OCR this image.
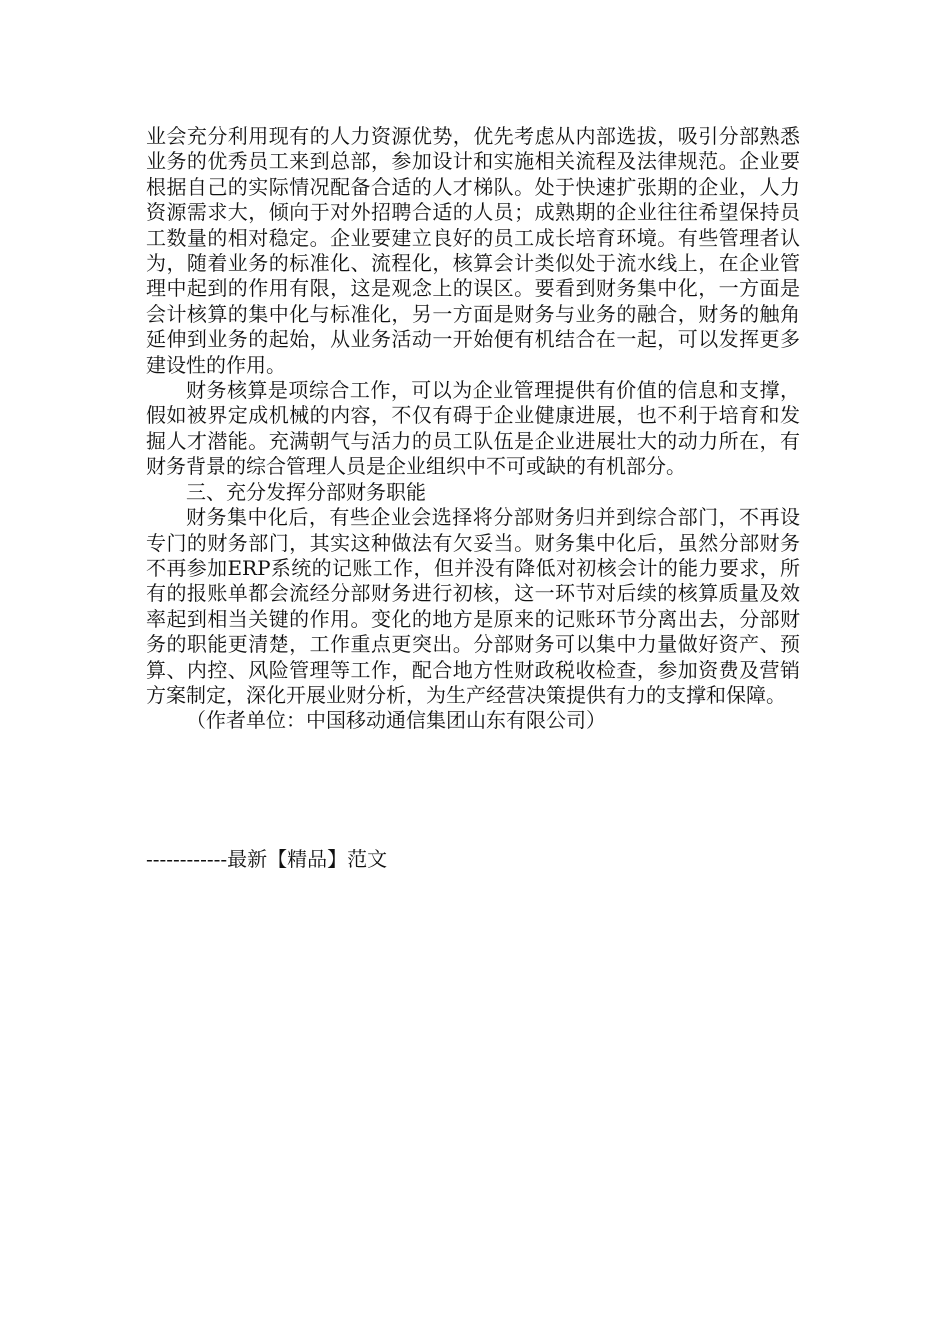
业会充分利用现有的人力资源优势，优先考虑从内部选拔，吸引分部熟悉业务的优秀员工来到总部，参加设计和实施相关流程及法律规范。企业要根据自己的实际情况配备合适的人才梯队。处于快速扩张期的企业，人力资源需求大，倾向于对外招聘合适的人员；成熟期的企业往往希望保持员工数量的相对稳定。企业要建立良好的员工成长培育环境。有些管理者认为，随着业务的标准化、流程化，核算会计类似处于流水线上，在企业管理中起到的作用有限，这是观念上的误区。要看到财务集中化，一方面是会计核算的集中化与标准化，另一方面是财务与业务的融合，财务的触角延伸到业务的起始，从业务活动一开始便有机结合在一起，可以发挥更多建设性的作用。

财务核算是项综合工作，可以为企业管理提供有价值的信息和支撑，假如被界定成机械的内容，不仅有碍于企业健康进展，也不利于培育和发掘人才潜能。充满朝气与活力的员工队伍是企业进展壮大的动力所在，有财务背景的综合管理人员是企业组织中不可或缺的有机部分。

三、充分发挥分部财务职能

财务集中化后，有些企业会选择将分部财务归并到综合部门，不再设专门的财务部门，其实这种做法有欠妥当。财务集中化后，虽然分部财务不再参加ERP系统的记账工作，但并没有降低对初核会计的能力要求，所有的报账单都会流经分部财务进行初核，这一环节对后续的核算质量及效率起到相当关键的作用。变化的地方是原来的记账环节分离出去，分部财务的职能更清楚，工作重点更突出。分部财务可以集中力量做好资产、预算、内控、风险管理等工作，配合地方性财政税收检查，参加资费及营销方案制定，深化开展业财分析，为生产经营决策提供有力的支撑和保障。

（作者单位：中国移动通信集团山东有限公司）

------------最新【精品】范文
